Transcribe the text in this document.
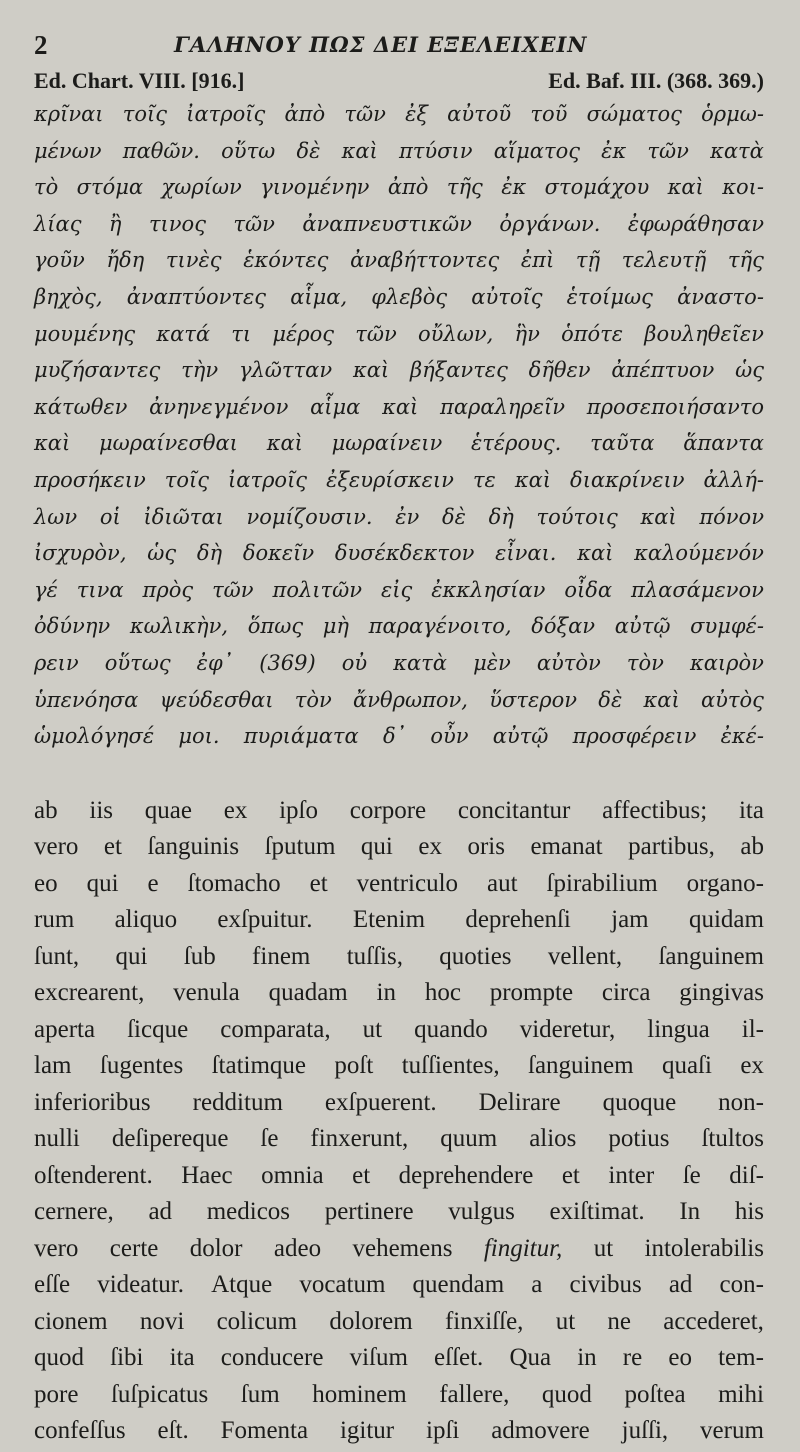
2	ΓΑΛΗΝΟΥ ΠΩΣ ΔΕΙ ΕΞΕΛΕΙΧΕΙΝ
Ed. Chart. VIII. [916.]	Ed. Baf. III. (368. 369.)
κρῖναι τοῖς ἰατροῖς ἀπὸ τῶν ἐξ αὐτοῦ τοῦ σώματος ὁρμω-
μένων παθῶν. οὕτω δὲ καὶ πτύσιν αἵματος ἐκ τῶν κατὰ
τὸ στόμα χωρίων γινομένην ἀπὸ τῆς ἐκ στομάχου καὶ κοι-
λίας ἢ τινος τῶν ἀναπνευστικῶν ὀργάνων. ἐφωράθησαν
γοῦν ἤδη τινὲς ἑκόντες ἀναβήττοντες ἐπὶ τῇ τελευτῇ τῆς
βηχὸς, ἀναπτύοντες αἷμα, φλεβὸς αὐτοῖς ἑτοίμως ἀναστο-
μουμένης κατά τι μέρος τῶν οὔλων, ἣν ὁπότε βουληθεῖεν
μυζήσαντες τὴν γλῶτταν καὶ βήξαντες δῆθεν ἀπέπτυον ὡς
κάτωθεν ἀνηνεγμένον αἷμα καὶ παραληρεῖν προσεποιήσαντο
καὶ μωραίνεσθαι καὶ μωραίνειν ἑτέρους. ταῦτα ἅπαντα
προσήκειν τοῖς ἰατροῖς ἐξευρίσκειν τε καὶ διακρίνειν ἀλλή-
λων οἱ ἰδιῶται νομίζουσιν. ἐν δὲ δὴ τούτοις καὶ πόνον
ἰσχυρὸν, ὡς δὴ δοκεῖν δυσέκδεκτον εἶναι. καὶ καλούμενόν
γέ τινα πρὸς τῶν πολιτῶν εἰς ἐκκλησίαν οἶδα πλασάμενον
ὀδύνην κωλικὴν, ὅπως μὴ παραγένοιτο, δόξαν αὐτῷ συμφέ-
ρειν οὕτως ἐφ᾽ (369) οὐ κατὰ μὲν αὐτὸν τὸν καιρὸν
ὑπενόησα ψεύδεσθαι τὸν ἄνθρωπον, ὕστερον δὲ καὶ αὐτὸς
ὡμολόγησέ μοι. πυριάματα δ᾽ οὖν αὐτῷ προσφέρειν ἐκέ-
ab iis quae ex ipſo corpore concitantur affectibus; ita
vero et ſanguinis ſputum qui ex oris emanat partibus, ab
eo qui e ſtomacho et ventriculo aut ſpirabilium organo-
rum aliquo exſpuitur. Etenim deprehenſi jam quidam
ſunt, qui ſub finem tuſſis, quoties vellent, ſanguinem
excrearent, venula quadam in hoc prompte circa gingivas
aperta ſicque comparata, ut quando videretur, lingua il-
lam ſugentes ſtatimque poſt tuſſientes, ſanguinem quaſi ex
inferioribus redditum exſpuerent. Delirare quoque non-
nulli deſipereque ſe finxerunt, quum alios potius ſtultos
oſtenderent. Haec omnia et deprehendere et inter ſe diſ-
cernere, ad medicos pertinere vulgus exiſtimat. In his
vero certe dolor adeo vehemens fingitur, ut intolerabilis
eſſe videatur. Atque vocatum quendam a civibus ad con-
cionem novi colicum dolorem finxiſſe, ut ne accederet,
quod ſibi ita conducere viſum eſſet. Qua in re eo tem-
pore ſuſpicatus ſum hominem fallere, quod poſtea mihi
confeſſus eſt. Fomenta igitur ipſi admovere juſſi, verum
